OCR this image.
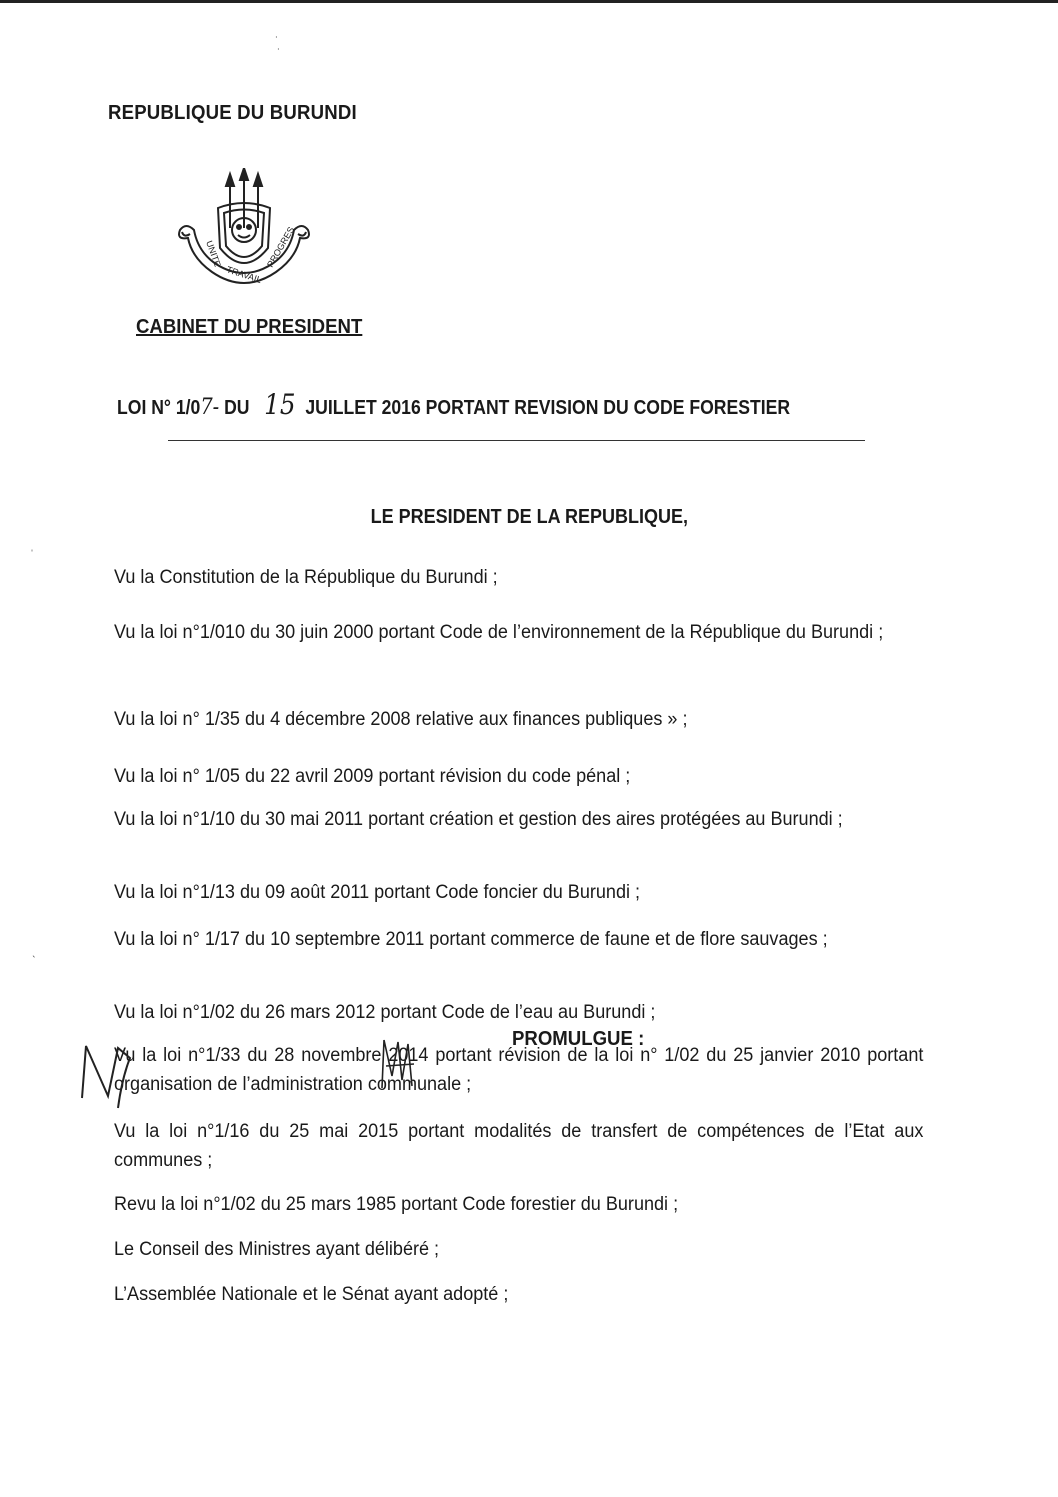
˙
˙
ˌ
ˎ
REPUBLIQUE DU BURUNDI
UNITE
TRAVAIL
PROGRES
CABINET DU PRESIDENT
LOI N° 1/07- DU 15 JUILLET 2016 PORTANT REVISION DU CODE FORESTIER
LE PRESIDENT DE LA REPUBLIQUE,
Vu la Constitution de la République du Burundi ;
Vu la loi n°1/010 du 30 juin 2000 portant Code de l’environnement de la République du Burundi ;
Vu la loi n° 1/35 du 4 décembre 2008 relative aux finances publiques » ;
Vu la loi n° 1/05 du 22 avril 2009 portant révision du code pénal ;
Vu la loi n°1/10 du 30 mai 2011 portant création et gestion des aires protégées au Burundi ;
Vu la loi n°1/13 du 09 août 2011 portant Code foncier du Burundi ;
Vu la loi n° 1/17 du 10 septembre 2011 portant commerce de faune et de flore sauvages ;
Vu la loi n°1/02 du 26 mars 2012 portant Code de l’eau au Burundi ;
Vu la loi n°1/33 du 28 novembre 2014 portant révision de la loi n° 1/02 du 25 janvier 2010 portant organisation de l’administration communale ;
Vu la loi n°1/16 du 25 mai 2015 portant modalités de transfert de compétences de l’Etat aux communes ;
Revu la loi n°1/02 du 25 mars 1985 portant Code forestier du Burundi ;
Le Conseil des Ministres ayant délibéré ;
L’Assemblée Nationale et le Sénat ayant adopté ;
PROMULGUE :
